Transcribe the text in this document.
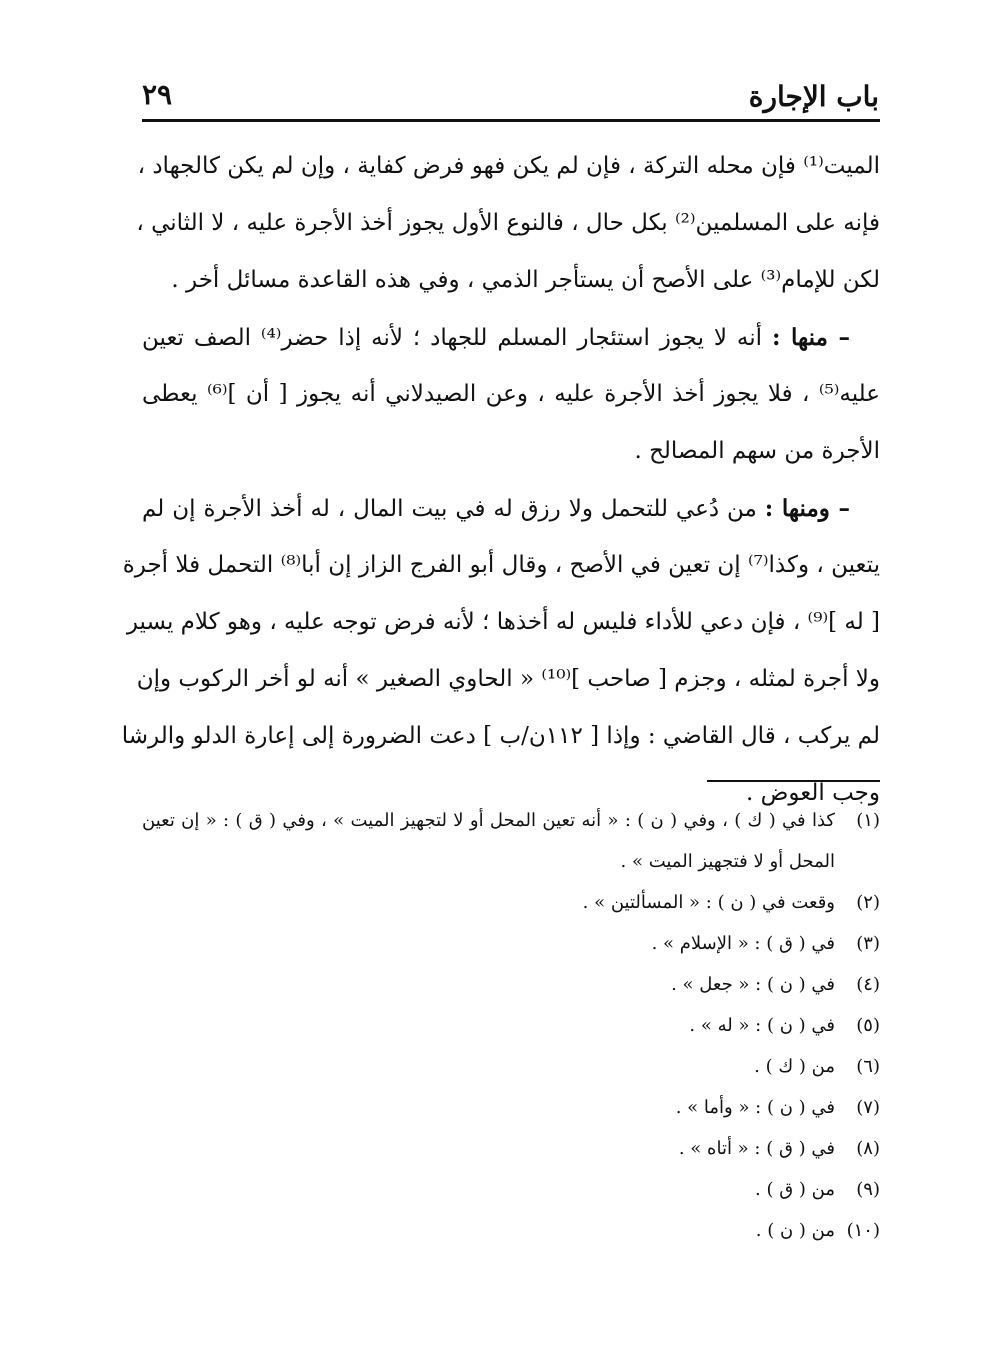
باب الإجارة
٢٩
الميت⁽¹⁾ فإن محله التركة ، فإن لم يكن فهو فرض كفاية ، وإن لم يكن كالجهاد ،
فإنه على المسلمين⁽²⁾ بكل حال ، فالنوع الأول يجوز أخذ الأجرة عليه ، لا الثاني ،
لكن للإمام⁽³⁾ على الأصح أن يستأجر الذمي ، وفي هذه القاعدة مسائل أخر .
– منها : أنه لا يجوز استئجار المسلم للجهاد ؛ لأنه إذا حضر⁽⁴⁾ الصف تعين
عليه⁽⁵⁾ ، فلا يجوز أخذ الأجرة عليه ، وعن الصيدلاني أنه يجوز [ أن ]⁽⁶⁾ يعطى
الأجرة من سهم المصالح .
– ومنها : من دُعي للتحمل ولا رزق له في بيت المال ، له أخذ الأجرة إن لم
يتعين ، وكذا⁽⁷⁾ إن تعين في الأصح ، وقال أبو الفرج الزاز إن أبا⁽⁸⁾ التحمل فلا أجرة
[ له ]⁽⁹⁾ ، فإن دعي للأداء فليس له أخذها ؛ لأنه فرض توجه عليه ، وهو كلام يسير
ولا أجرة لمثله ، وجزم [ صاحب ]⁽¹⁰⁾ « الحاوي الصغير » أنه لو أخر الركوب وإن
لم يركب ، قال القاضي : وإذا [ ١١٢ن/ب ] دعت الضرورة إلى إعارة الدلو والرشا
وجب العوض .
(١)
كذا في ( ك ) ، وفي ( ن ) : « أنه تعين المحل أو لا لتجهيز الميت » ، وفي ( ق ) : « إن تعين
المحل أو لا فتجهيز الميت » .
(٢)
وقعت في ( ن ) : « المسألتين » .
(٣)
في ( ق ) : « الإسلام » .
(٤)
في ( ن ) : « جعل » .
(٥)
في ( ن ) : « له » .
(٦)
من ( ك ) .
(٧)
في ( ن ) : « وأما » .
(٨)
في ( ق ) : « أتاه » .
(٩)
من ( ق ) .
(١٠)
من ( ن ) .
